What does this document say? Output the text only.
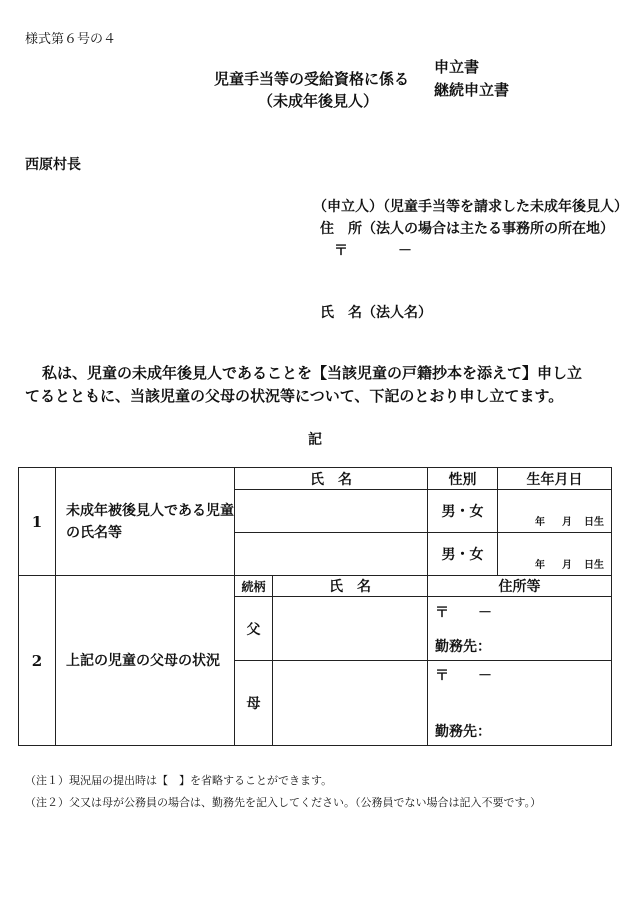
様式第６号の４
児童手当等の受給資格に係る
申立書
継続申立書
（未成年後見人）
西原村長
（申立人）（児童手当等を請求した未成年後見人）
住　所（法人の場合は主たる事務所の所在地）
〒	－
氏　名（法人名）
私は、児童の未成年後見人であることを【当該児童の戸籍抄本を添えて】申し立
てるとともに、当該児童の父母の状況等について、下記のとおり申し立てます。
記
1	未成年被後見人である児童の氏名等	氏　名		性別	生年月日
				男・女	年 月 日生

				男・女	年 月 日生

2	上記の児童の父母の状況	続柄	氏　名	住所等	
		父		〒 －
勤務先：	

		母		〒 －
勤務先：	
（注１）現況届の提出時は【　】を省略することができます。
（注２）父又は母が公務員の場合は、勤務先を記入してください。（公務員でない場合は記入不要です。）
